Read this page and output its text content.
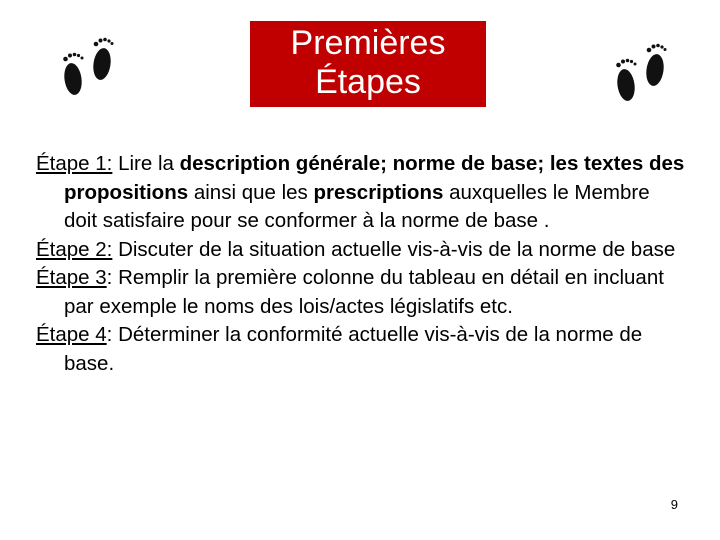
Premières
Étapes

Étape 1: Lire la description générale; norme de base; les textes des propositions ainsi que les prescriptions auxquelles le Membre doit satisfaire pour se conformer à la norme de base .

Étape 2: Discuter de la situation actuelle vis-à-vis de la norme de base

Étape 3: Remplir la première colonne du tableau en détail en incluant par exemple le noms des lois/actes législatifs etc.

Étape 4: Déterminer la conformité actuelle vis-à-vis de la norme de base.

9
